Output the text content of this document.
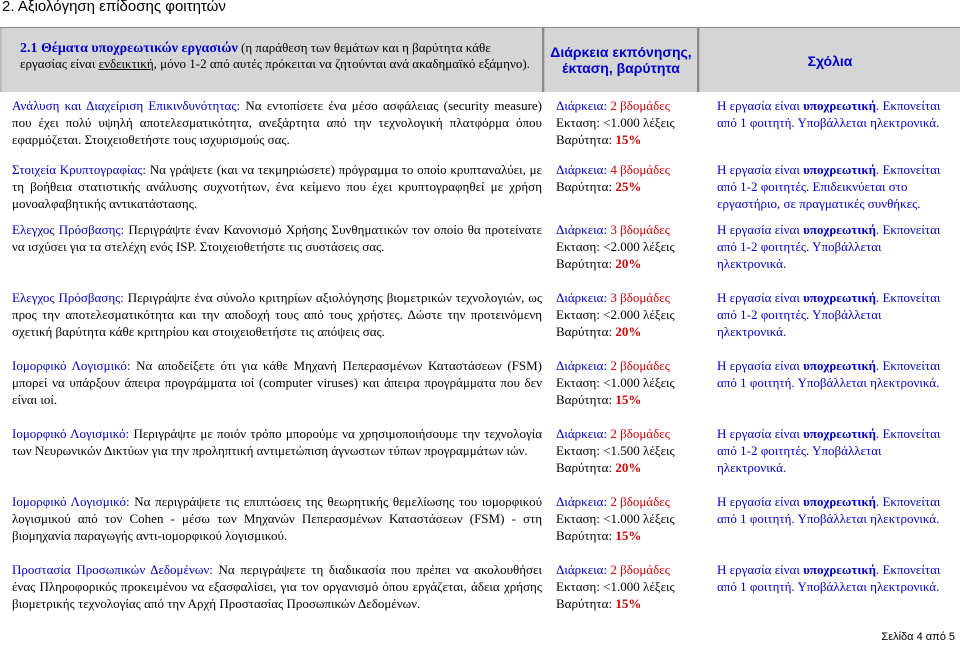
2. Αξιολόγηση επίδοσης φοιτητών
2.1 Θέματα υποχρεωτικών εργασιών (η παράθεση των θεμάτων και η βαρύτητα κάθε εργασίας είναι ενδεικτική, μόνο 1-2 από αυτές πρόκειται να ζητούνται ανά ακαδημαϊκό εξάμηνο).
Διάρκεια εκπόνησης,
έκταση, βαρύτητα	Σχόλια
Ανάλυση και Διαχείριση Επικινδυνότητας: Να εντοπίσετε ένα μέσο ασφάλειας (security measure) που έχει πολύ υψηλή αποτελεσματικότητα, ανεξάρτητα από την τεχνολογική πλατφόρμα όπου εφαρμόζεται. Στοιχειοθετήστε τους ισχυρισμούς σας.
Διάρκεια: 2 βδομάδες
Εκταση: <1.000 λέξεις
Βαρύτητα: 15%
Η εργασία είναι υποχρεωτική. Εκπονείται από 1 φοιτητή. Υποβάλλεται ηλεκτρονικά.
Στοιχεία Κρυπτογραφίας: Να γράψετε (και να τεκμηριώσετε) πρόγραμμα το οποίο κρυπταναλύει, με τη βοήθεια στατιστικής ανάλυσης συχνοτήτων, ένα κείμενο που έχει κρυπτογραφηθεί με χρήση μονοαλφαβητικής αντικατάστασης.
Διάρκεια: 4 βδομάδες
Βαρύτητα: 25%
Η εργασία είναι υποχρεωτική. Εκπονείται από 1-2 φοιτητές. Επιδεικνύεται στο εργαστήριο, σε πραγματικές συνθήκες.
Ελεγχος Πρόσβασης: Περιγράψτε έναν Κανονισμό Χρήσης Συνθηματικών τον οποίο θα προτείνατε να ισχύσει για τα στελέχη ενός ISP. Στοιχειοθετήστε τις συστάσεις σας.
Διάρκεια: 3 βδομάδες
Εκταση: <2.000 λέξεις
Βαρύτητα: 20%
Η εργασία είναι υποχρεωτική. Εκπονείται από 1-2 φοιτητές. Υποβάλλεται ηλεκτρονικά.
Ελεγχος Πρόσβασης: Περιγράψτε ένα σύνολο κριτηρίων αξιολόγησης βιομετρικών τεχνολογιών, ως προς την αποτελεσματικότητα και την αποδοχή τους από τους χρήστες. Δώστε την προτεινόμενη σχετική βαρύτητα κάθε κριτηρίου και στοιχειοθετήστε τις απόψεις σας.
Διάρκεια: 3 βδομάδες
Εκταση: <2.000 λέξεις
Βαρύτητα: 20%
Η εργασία είναι υποχρεωτική. Εκπονείται από 1-2 φοιτητές. Υποβάλλεται ηλεκτρονικά.
Ιομορφικό Λογισμικό: Να αποδείξετε ότι για κάθε Μηχανή Πεπερασμένων Καταστάσεων (FSM) μπορεί να υπάρξουν άπειρα προγράμματα ιοί (computer viruses) και άπειρα προγράμματα που δεν είναι ιοί.
Διάρκεια: 2 βδομάδες
Εκταση: <1.000 λέξεις
Βαρύτητα: 15%
Η εργασία είναι υποχρεωτική. Εκπονείται από 1 φοιτητή. Υποβάλλεται ηλεκτρονικά.
Ιομορφικό Λογισμικό: Περιγράψτε με ποιόν τρόπο μπορούμε να χρησιμοποιήσουμε την τεχνολογία των Νευρωνικών Δικτύων για την προληπτική αντιμετώπιση άγνωστων τύπων προγραμμάτων ιών.
Διάρκεια: 2 βδομάδες
Εκταση: <1.500 λέξεις
Βαρύτητα: 20%
Η εργασία είναι υποχρεωτική. Εκπονείται από 1-2 φοιτητές. Υποβάλλεται ηλεκτρονικά.
Ιομορφικό Λογισμικό: Να περιγράψετε τις επιπτώσεις της θεωρητικής θεμελίωσης του ιομορφικού λογισμικού από τον Cohen - μέσω των Μηχανών Πεπερασμένων Καταστάσεων (FSM) - στη βιομηχανία παραγωγής αντι-ιομορφικού λογισμικού.
Διάρκεια: 2 βδομάδες
Εκταση: <1.000 λέξεις
Βαρύτητα: 15%
Η εργασία είναι υποχρεωτική. Εκπονείται από 1 φοιτητή. Υποβάλλεται ηλεκτρονικά.
Προστασία Προσωπικών Δεδομένων: Να περιγράψετε τη διαδικασία που πρέπει να ακολουθήσει ένας Πληροφορικός προκειμένου να εξασφαλίσει, για τον οργανισμό όπου εργάζεται, άδεια χρήσης βιομετρικής τεχνολογίας από την Αρχή Προστασίας Προσωπικών Δεδομένων.
Διάρκεια: 2 βδομάδες
Εκταση: <1.000 λέξεις
Βαρύτητα: 15%
Η εργασία είναι υποχρεωτική. Εκπονείται από 1 φοιτητή. Υποβάλλεται ηλεκτρονικά.
Σελίδα 4 από 5
